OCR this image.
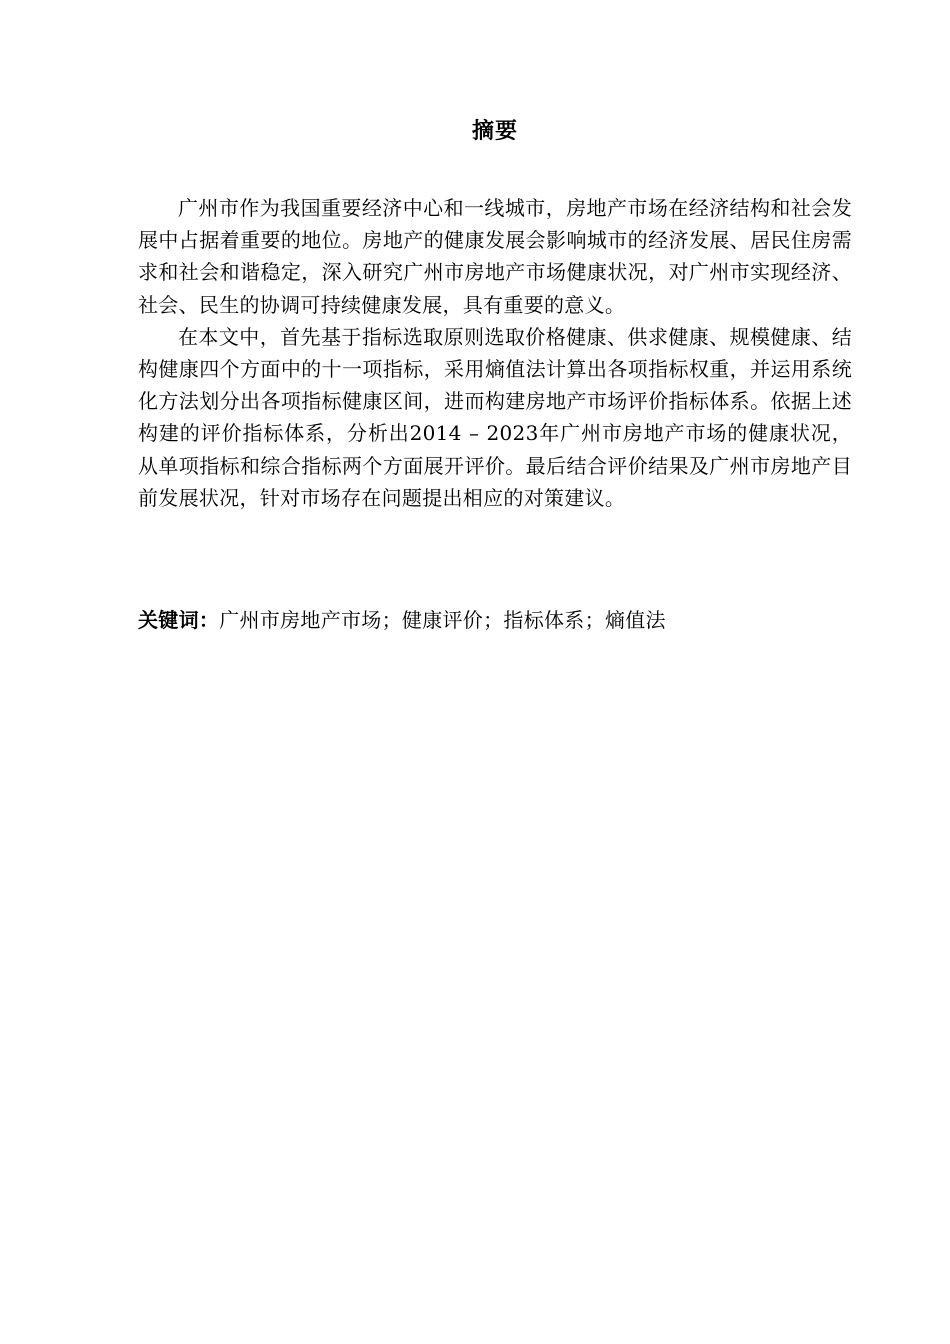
摘要

广州市作为我国重要经济中心和一线城市，房地产市场在经济结构和社会发展中占据着重要的地位。房地产的健康发展会影响城市的经济发展、居民住房需求和社会和谐稳定，深入研究广州市房地产市场健康状况，对广州市实现经济、社会、民生的协调可持续健康发展，具有重要的意义。

在本文中，首先基于指标选取原则选取价格健康、供求健康、规模健康、结构健康四个方面中的十一项指标，采用熵值法计算出各项指标权重，并运用系统化方法划分出各项指标健康区间，进而构建房地产市场评价指标体系。依据上述构建的评价指标体系，分析出2014 – 2023年广州市房地产市场的健康状况，从单项指标和综合指标两个方面展开评价。最后结合评价结果及广州市房地产目前发展状况，针对市场存在问题提出相应的对策建议。

关键词：广州市房地产市场；健康评价；指标体系；熵值法
